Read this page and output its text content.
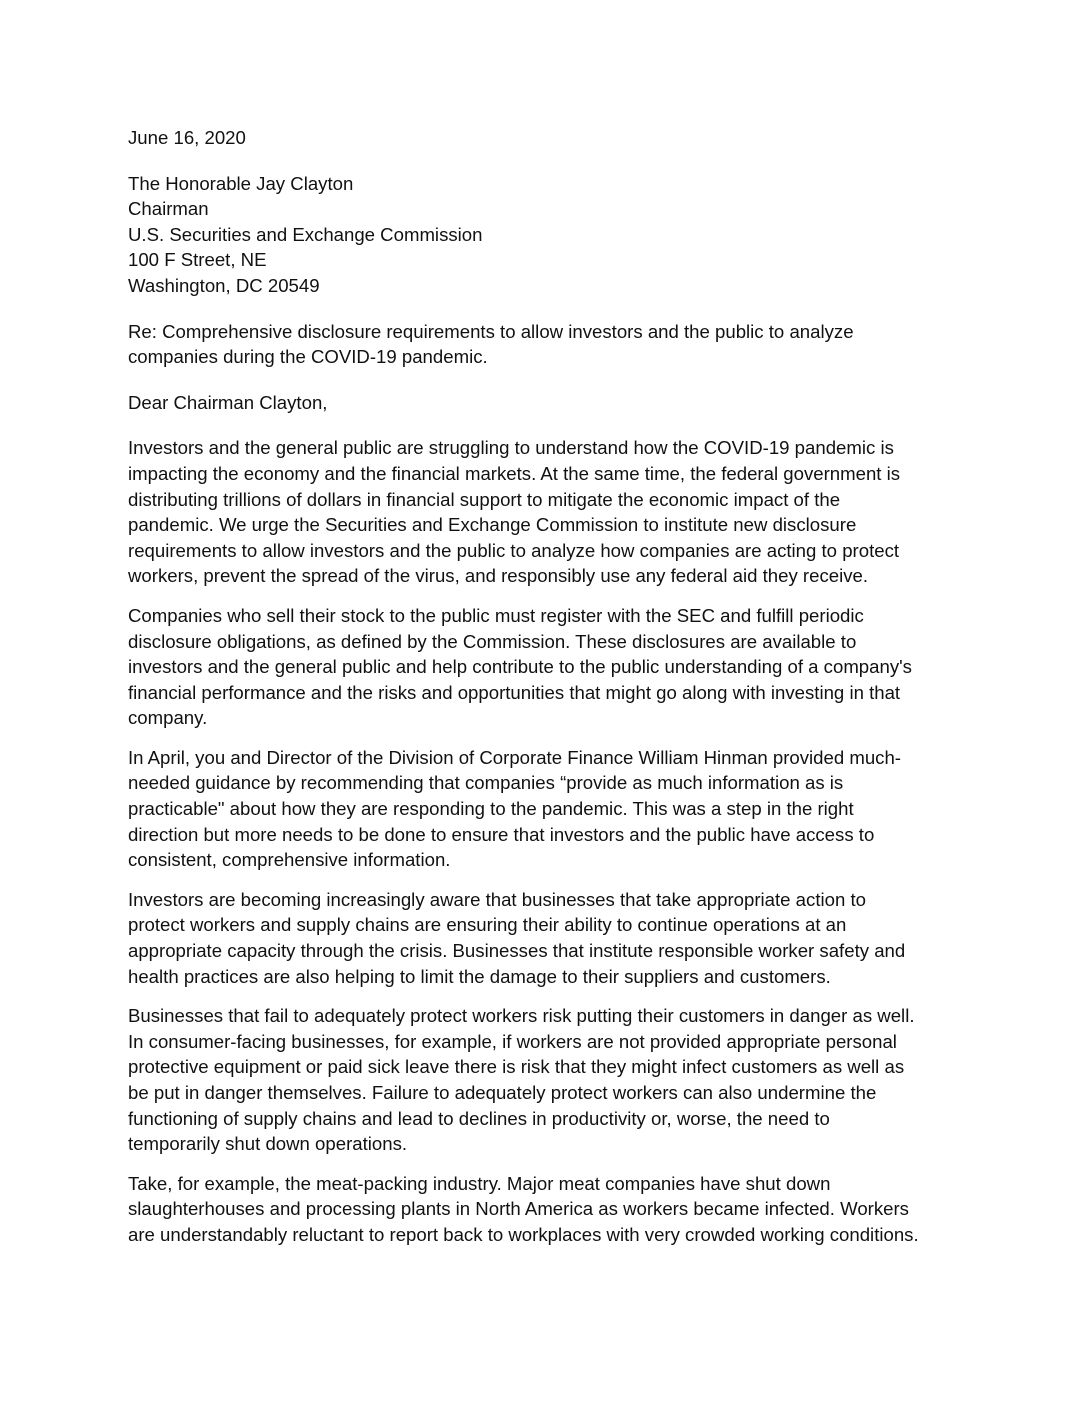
June 16, 2020
The Honorable Jay Clayton
Chairman
U.S. Securities and Exchange Commission
100 F Street, NE
Washington, DC 20549
Re: Comprehensive disclosure requirements to allow investors and the public to analyze
companies during the COVID-19 pandemic.
Dear Chairman Clayton,
Investors and the general public are struggling to understand how the COVID-19 pandemic is
impacting the economy and the financial markets. At the same time, the federal government is
distributing trillions of dollars in financial support to mitigate the economic impact of the
pandemic. We urge the Securities and Exchange Commission to institute new disclosure
requirements to allow investors and the public to analyze how companies are acting to protect
workers, prevent the spread of the virus, and responsibly use any federal aid they receive.
Companies who sell their stock to the public must register with the SEC and fulfill periodic
disclosure obligations, as defined by the Commission. These disclosures are available to
investors and the general public and help contribute to the public understanding of a company's
financial performance and the risks and opportunities that might go along with investing in that
company.
In April, you and Director of the Division of Corporate Finance William Hinman provided much-
needed guidance by recommending that companies “provide as much information as is
practicable" about how they are responding to the pandemic. This was a step in the right
direction but more needs to be done to ensure that investors and the public have access to
consistent, comprehensive information.
Investors are becoming increasingly aware that businesses that take appropriate action to
protect workers and supply chains are ensuring their ability to continue operations at an
appropriate capacity through the crisis. Businesses that institute responsible worker safety and
health practices are also helping to limit the damage to their suppliers and customers.
Businesses that fail to adequately protect workers risk putting their customers in danger as well.
In consumer-facing businesses, for example, if workers are not provided appropriate personal
protective equipment or paid sick leave there is risk that they might infect customers as well as
be put in danger themselves. Failure to adequately protect workers can also undermine the
functioning of supply chains and lead to declines in productivity or, worse, the need to
temporarily shut down operations.
Take, for example, the meat-packing industry. Major meat companies have shut down
slaughterhouses and processing plants in North America as workers became infected. Workers
are understandably reluctant to report back to workplaces with very crowded working conditions.
